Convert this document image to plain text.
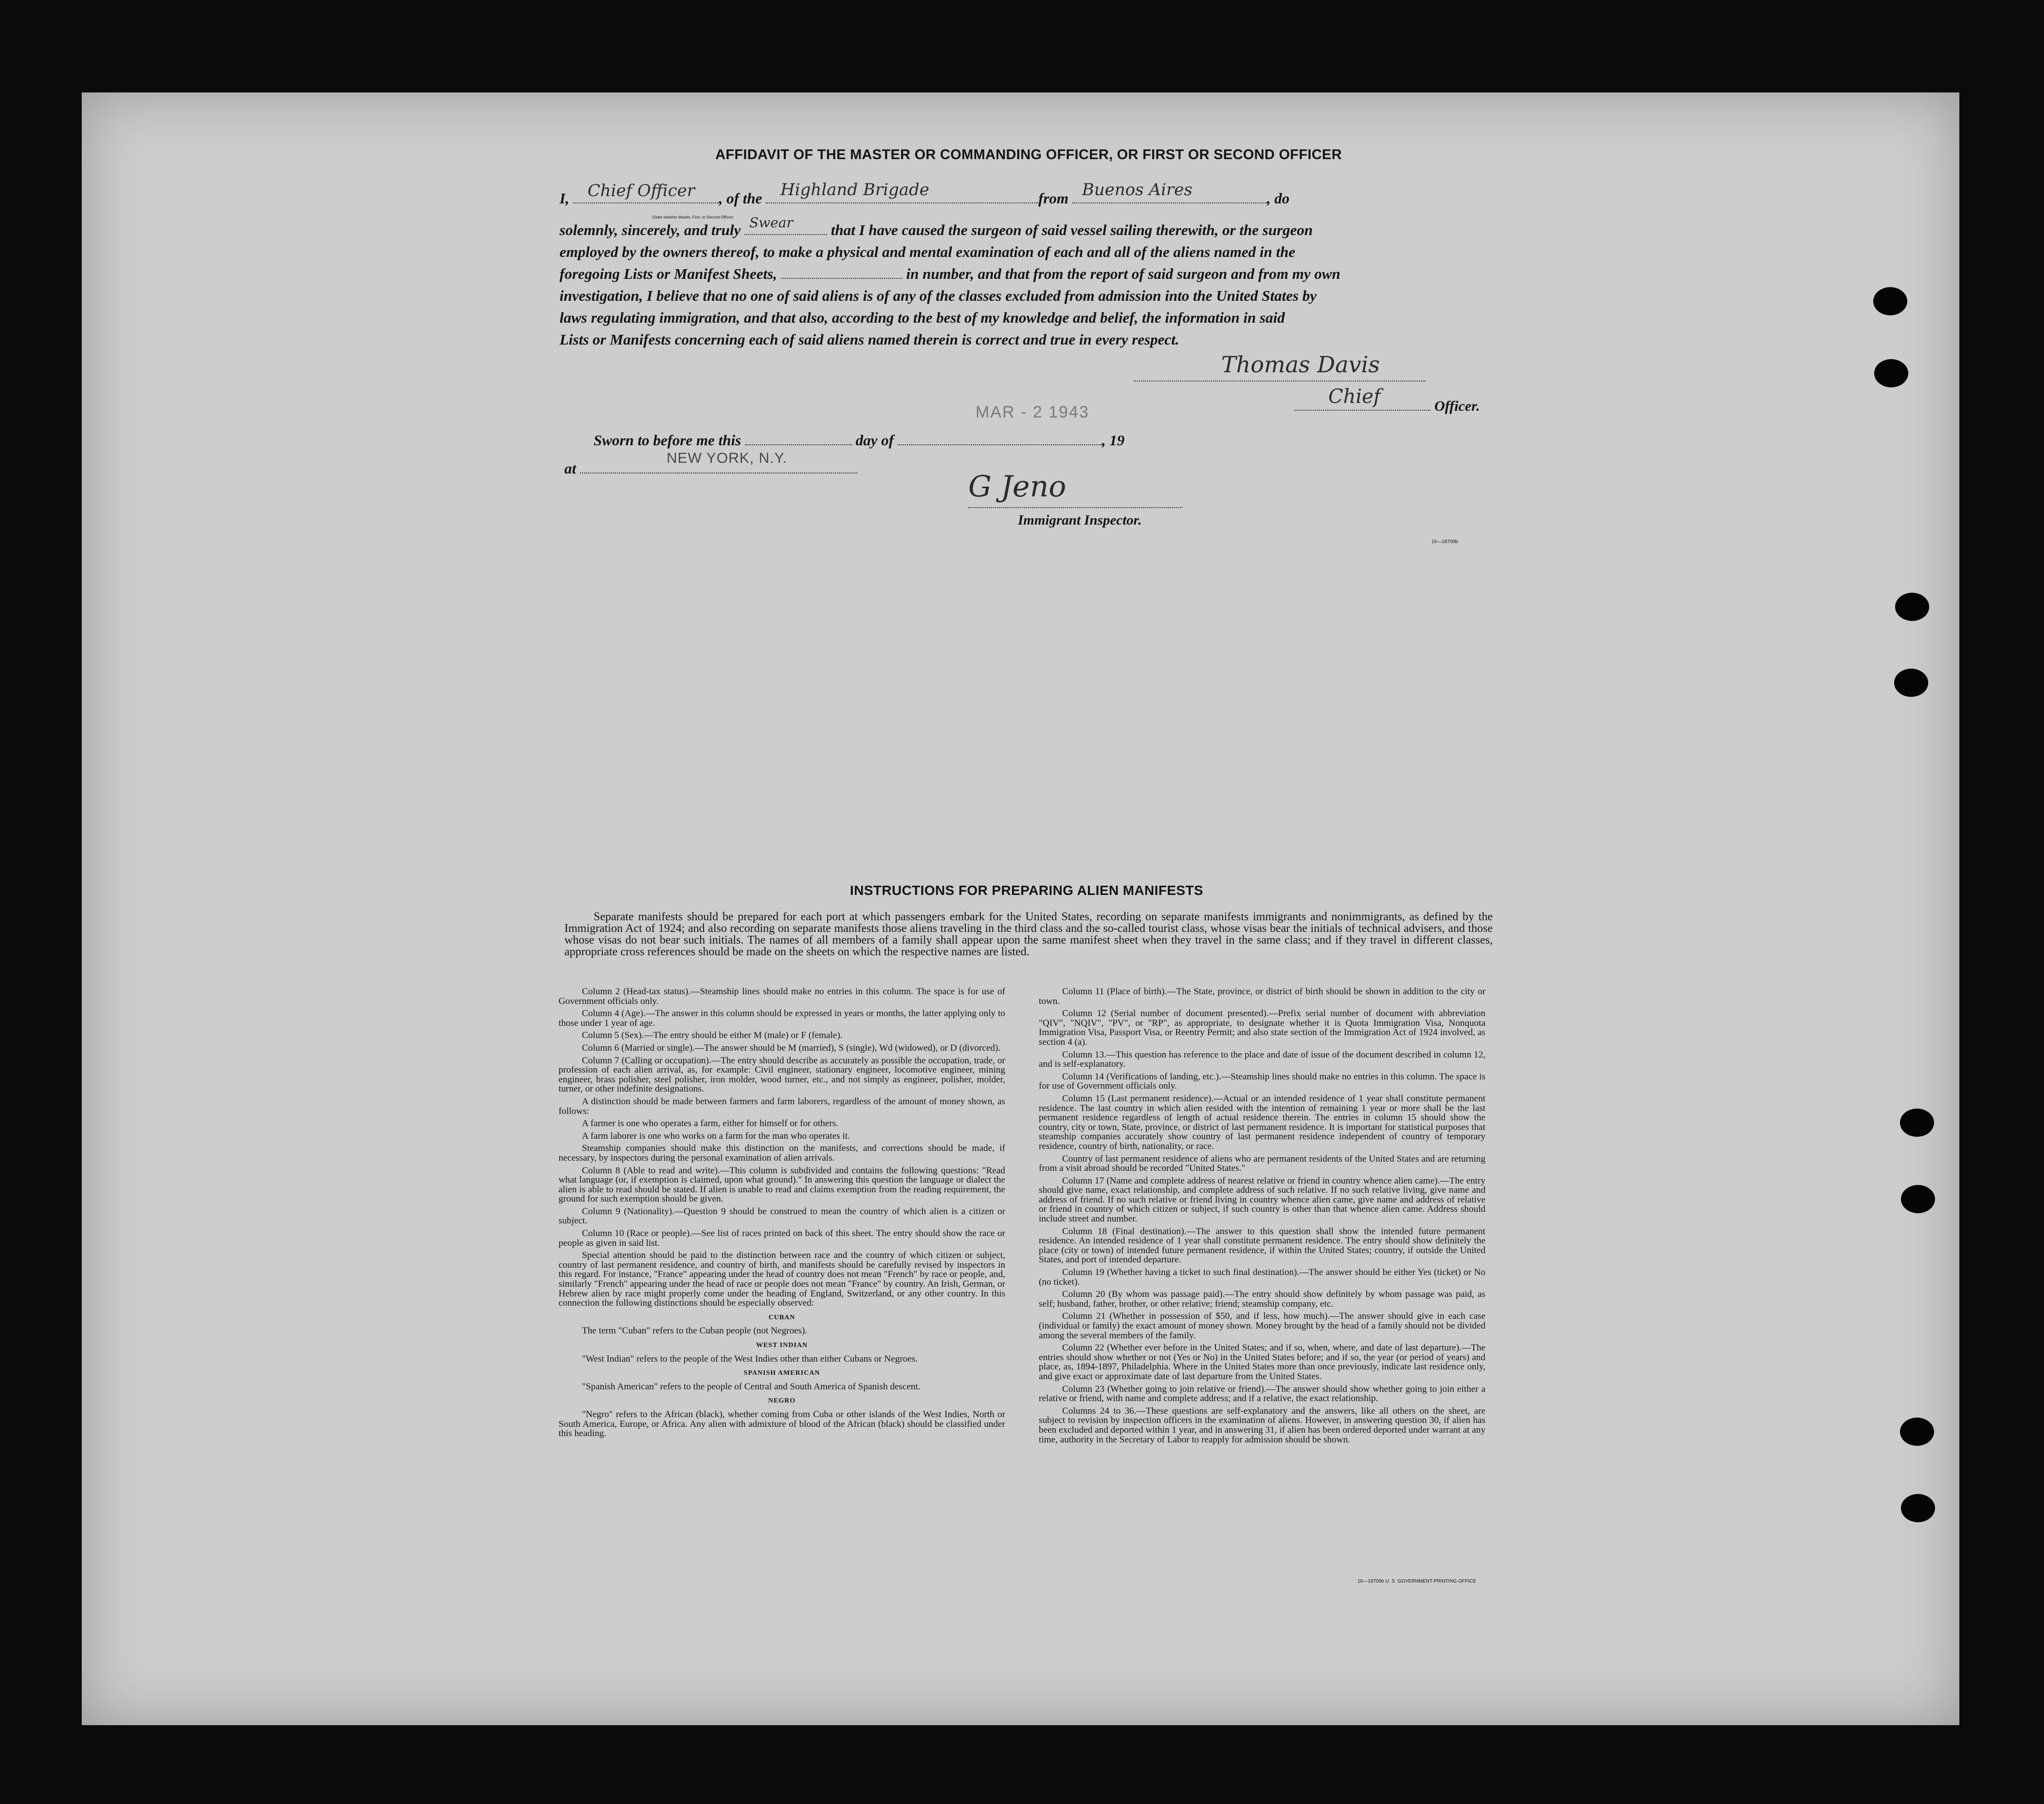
AFFIDAVIT OF THE MASTER OR COMMANDING OFFICER, OR FIRST OR SECOND OFFICER
I, Chief Officer , of the Highland Brigade	from Buenos Aires	, do
(State whether Master, First, or Second Officer)
solemnly, sincerely, and truly Swear	that I have caused the surgeon of said vessel sailing therewith, or the surgeon
employed by the owners thereof, to make a physical and mental examination of each and all of the aliens named in the
foregoing Lists or Manifest Sheets,	in number, and that from the report of said surgeon and from my own
investigation, I believe that no one of said aliens is of any of the classes excluded from admission into the United States by
laws regulating immigration, and that also, according to the best of my knowledge and belief, the information in said
Lists or Manifests concerning each of said aliens named therein is correct and true in every respect.
Thomas Davis
Chief	Officer.
Sworn to before me this	day of	, 19
MAR - 2 1943
at
NEW YORK, N.Y.
G Jeno
Immigrant Inspector.
16—18700b
INSTRUCTIONS FOR PREPARING ALIEN MANIFESTS
Separate manifests should be prepared for each port at which passengers embark for the United States, recording on separate manifests immigrants and nonimmigrants, as defined by the Immigration Act of 1924; and also recording on separate manifests those aliens traveling in the third class and the so-called tourist class, whose visas bear the initials of technical advisers, and those whose visas do not bear such initials. The names of all members of a family shall appear upon the same manifest sheet when they travel in the same class; and if they travel in different classes, appropriate cross references should be made on the sheets on which the respective names are listed.

Column 2 (Head-tax status).—Steamship lines should make no entries in this column. The space is for use of Government officials only.

Column 4 (Age).—The answer in this column should be expressed in years or months, the latter applying only to those under 1 year of age.

Column 5 (Sex).—The entry should be either M (male) or F (female).

Column 6 (Married or single).—The answer should be M (married), S (single), Wd (widowed), or D (divorced).

Column 7 (Calling or occupation).—The entry should describe as accurately as possible the occupation, trade, or profession of each alien arrival, as, for example: Civil engineer, stationary engineer, locomotive engineer, mining engineer, brass polisher, steel polisher, iron molder, wood turner, etc., and not simply as engineer, polisher, molder, turner, or other indefinite designations.

A distinction should be made between farmers and farm laborers, regardless of the amount of money shown, as follows:

A farmer is one who operates a farm, either for himself or for others.

A farm laborer is one who works on a farm for the man who operates it.

Steamship companies should make this distinction on the manifests, and corrections should be made, if necessary, by inspectors during the personal examination of alien arrivals.

Column 8 (Able to read and write).—This column is subdivided and contains the following questions: "Read what language (or, if exemption is claimed, upon what ground)." In answering this question the language or dialect the alien is able to read should be stated. If alien is unable to read and claims exemption from the reading requirement, the ground for such exemption should be given.

Column 9 (Nationality).—Question 9 should be construed to mean the country of which alien is a citizen or subject.

Column 10 (Race or people).—See list of races printed on back of this sheet. The entry should show the race or people as given in said list.

Special attention should be paid to the distinction between race and the country of which citizen or subject, country of last permanent residence, and country of birth, and manifests should be carefully revised by inspectors in this regard. For instance, "France" appearing under the head of country does not mean "French" by race or people, and, similarly "French" appearing under the head of race or people does not mean "France" by country. An Irish, German, or Hebrew alien by race might properly come under the heading of England, Switzerland, or any other country. In this connection the following distinctions should be especially observed:

CUBAN

The term "Cuban" refers to the Cuban people (not Negroes).

WEST INDIAN

"West Indian" refers to the people of the West Indies other than either Cubans or Negroes.

SPANISH AMERICAN

"Spanish American" refers to the people of Central and South America of Spanish descent.

NEGRO

"Negro" refers to the African (black), whether coming from Cuba or other islands of the West Indies, North or South America, Europe, or Africa. Any alien with admixture of blood of the African (black) should be classified under this heading.

Column 11 (Place of birth).—The State, province, or district of birth should be shown in addition to the city or town.

Column 12 (Serial number of document presented).—Prefix serial number of document with abbreviation "QIV", "NQIV", "PV", or "RP", as appropriate, to designate whether it is Quota Immigration Visa, Nonquota Immigration Visa, Passport Visa, or Reentry Permit; and also state section of the Immigration Act of 1924 involved, as section 4 (a).

Column 13.—This question has reference to the place and date of issue of the document described in column 12, and is self-explanatory.

Column 14 (Verifications of landing, etc.).—Steamship lines should make no entries in this column. The space is for use of Government officials only.

Column 15 (Last permanent residence).—Actual or an intended residence of 1 year shall constitute permanent residence. The last country in which alien resided with the intention of remaining 1 year or more shall be the last permanent residence regardless of length of actual residence therein. The entries in column 15 should show the country, city or town, State, province, or district of last permanent residence. It is important for statistical purposes that steamship companies accurately show country of last permanent residence independent of country of temporary residence, country of birth, nationality, or race.

Country of last permanent residence of aliens who are permanent residents of the United States and are returning from a visit abroad should be recorded "United States."

Column 17 (Name and complete address of nearest relative or friend in country whence alien came).—The entry should give name, exact relationship, and complete address of such relative. If no such relative living, give name and address of friend. If no such relative or friend living in country whence alien came, give name and address of relative or friend in country of which citizen or subject, if such country is other than that whence alien came. Address should include street and number.

Column 18 (Final destination).—The answer to this question shall show the intended future permanent residence. An intended residence of 1 year shall constitute permanent residence. The entry should show definitely the place (city or town) of intended future permanent residence, if within the United States; country, if outside the United States, and port of intended departure.

Column 19 (Whether having a ticket to such final destination).—The answer should be either Yes (ticket) or No (no ticket).

Column 20 (By whom was passage paid).—The entry should show definitely by whom passage was paid, as self; husband, father, brother, or other relative; friend; steamship company, etc.

Column 21 (Whether in possession of $50, and if less, how much).—The answer should give in each case (individual or family) the exact amount of money shown. Money brought by the head of a family should not be divided among the several members of the family.

Column 22 (Whether ever before in the United States; and if so, when, where, and date of last departure).—The entries should show whether or not (Yes or No) in the United States before; and if so, the year (or period of years) and place, as, 1894-1897, Philadelphia. Where in the United States more than once previously, indicate last residence only, and give exact or approximate date of last departure from the United States.

Column 23 (Whether going to join relative or friend).—The answer should show whether going to join either a relative or friend, with name and complete address; and if a relative, the exact relationship.

Columns 24 to 36.—These questions are self-explanatory and the answers, like all others on the sheet, are subject to revision by inspection officers in the examination of aliens. However, in answering question 30, if alien has been excluded and deported within 1 year, and in answering 31, if alien has been ordered deported under warrant at any time, authority in the Secretary of Labor to reapply for admission should be shown.

16—18700b U. S. GOVERNMENT PRINTING OFFICE
